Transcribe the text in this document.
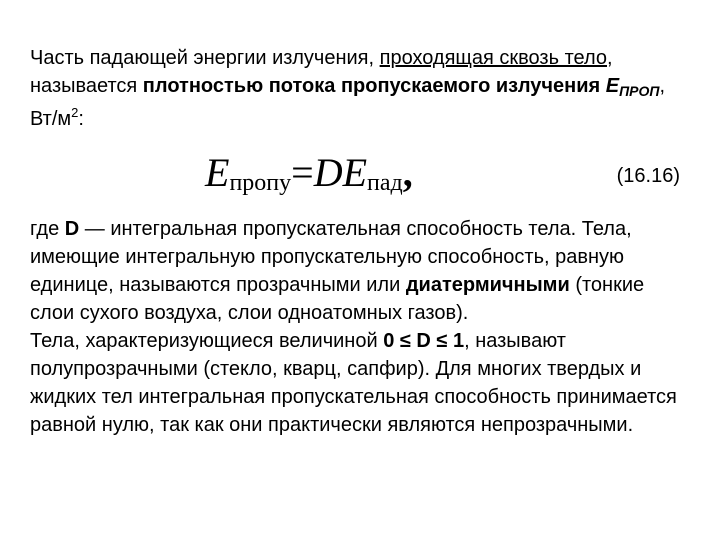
Часть падающей энергии излучения, проходящая сквозь тело, называется плотностью потока пропускаемого излучения $E_{ПРОП}$, $Вт/м^2$:

Eпропу=DEпад,	(16.16)

где D — интегральная пропускательная способность тела. Тела, имеющие интегральную пропускательную способность, равную единице, называются прозрачными или диатермичными (тонкие слои сухого воздуха, слои одноатомных газов).
Тела, характеризующиеся величиной 0 ≤ D ≤ 1, называют полупрозрачными (стекло, кварц, сапфир). Для многих твердых и жидких тел интегральная пропускательная способность принимается равной нулю, так как они практически являются непрозрачными.
